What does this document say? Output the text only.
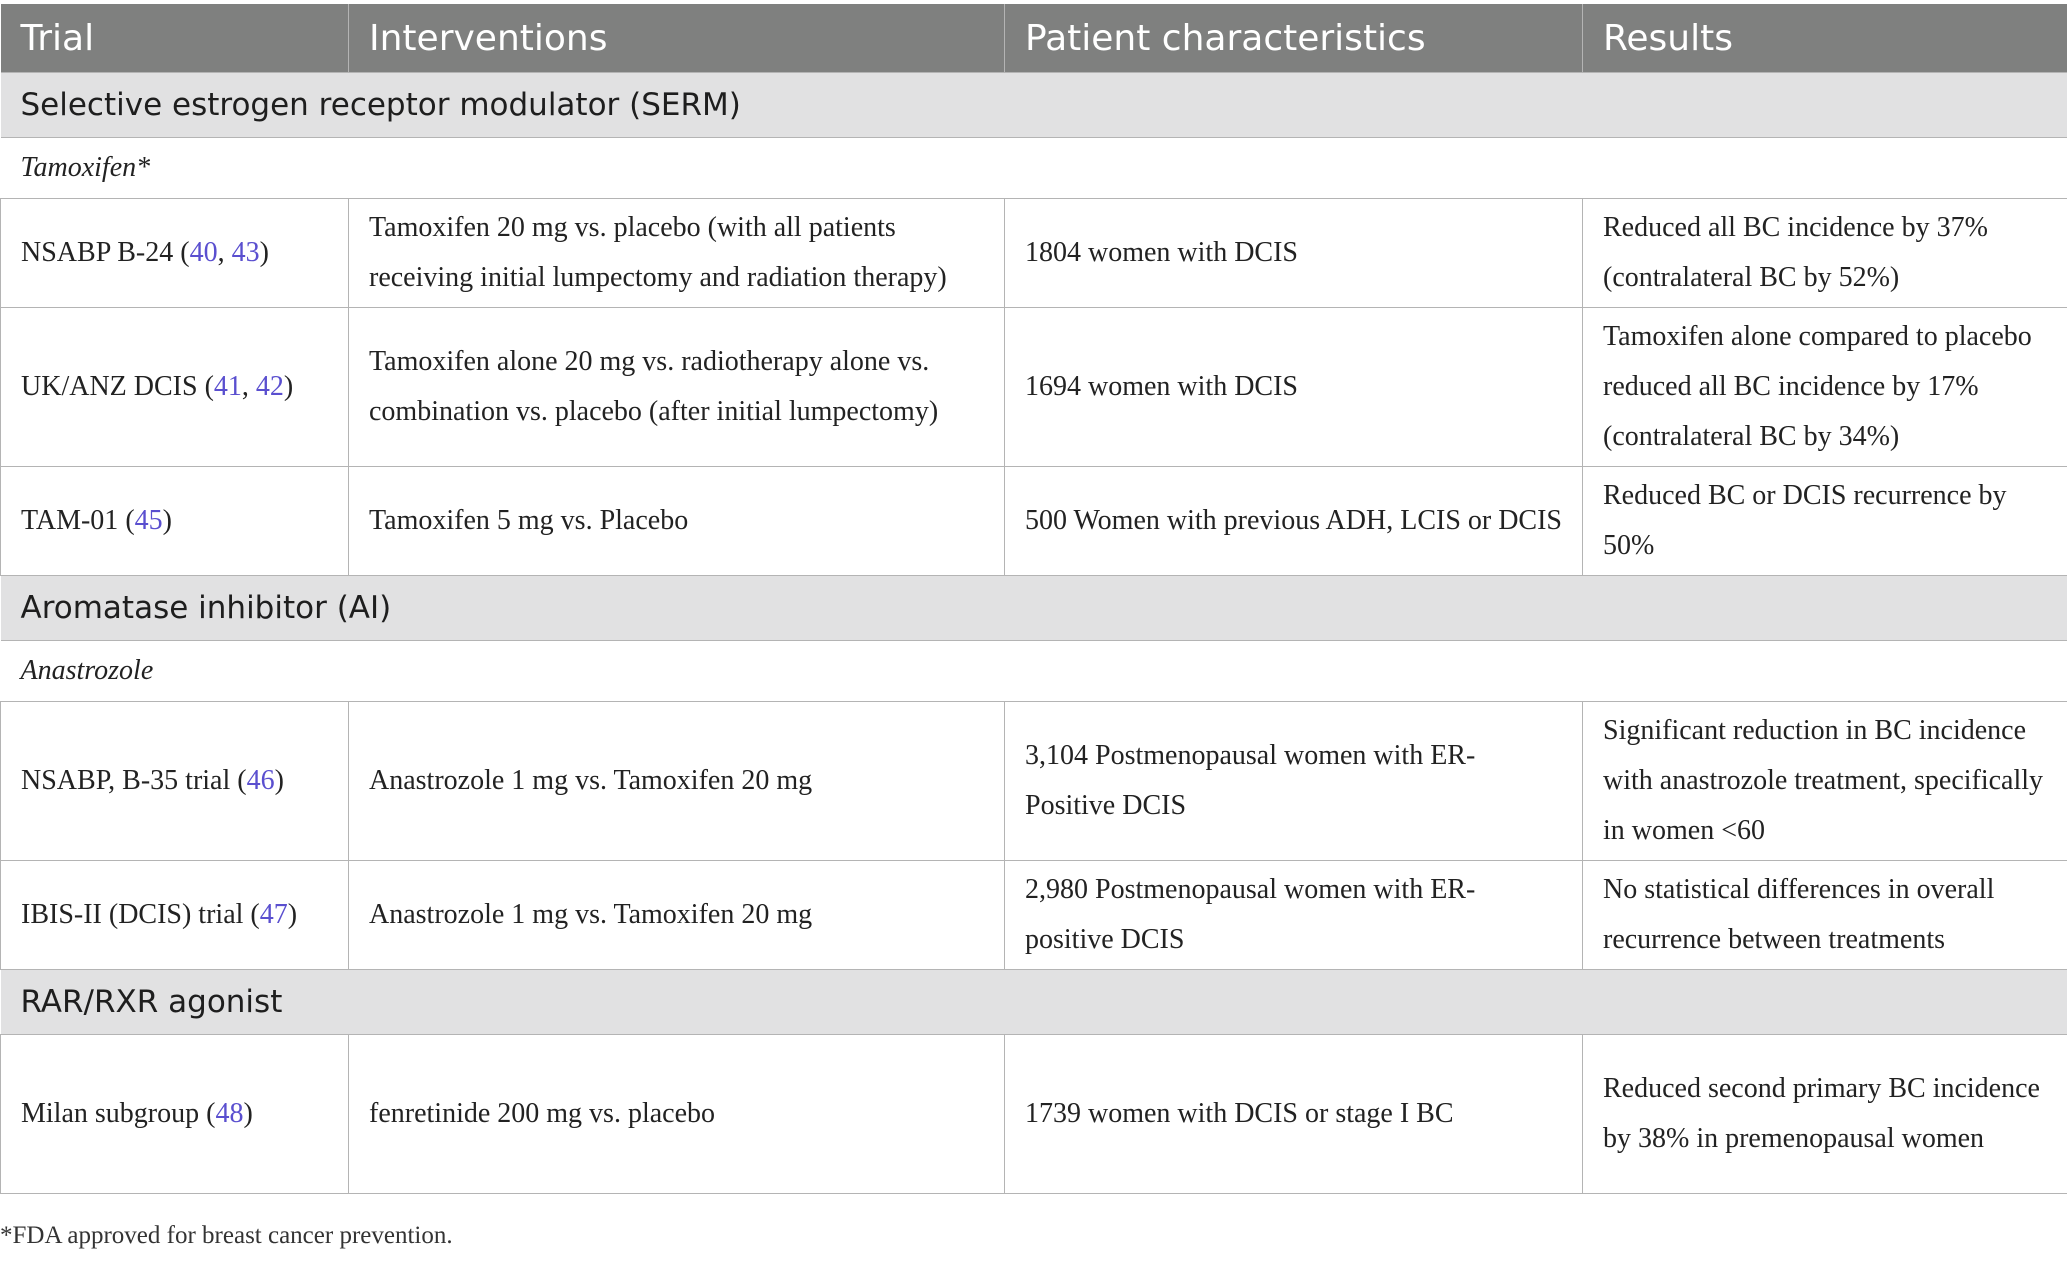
Trial	Interventions	Patient characteristics	Results
Selective estrogen receptor modulator (SERM)			
Tamoxifen*			
NSABP B-24 (40, 43)	Tamoxifen 20 mg vs. placebo (with all patients receiving initial lumpectomy and radiation therapy)	1804 women with DCIS	Reduced all BC incidence by 37% (contralateral BC by 52%)
UK/ANZ DCIS (41, 42)	Tamoxifen alone 20 mg vs. radiotherapy alone vs. combination vs. placebo (after initial lumpectomy)	1694 women with DCIS	Tamoxifen alone compared to placebo reduced all BC incidence by 17% (contralateral BC by 34%)
TAM-01 (45)	Tamoxifen 5 mg vs. Placebo	500 Women with previous ADH, LCIS or DCIS	Reduced BC or DCIS recurrence by 50%
Aromatase inhibitor (AI)			
Anastrozole			
NSABP, B-35 trial (46)	Anastrozole 1 mg vs. Tamoxifen 20 mg	3,104 Postmenopausal women with ER-Positive DCIS	Significant reduction in BC incidence with anastrozole treatment, specifically in women <60
IBIS-II (DCIS) trial (47)	Anastrozole 1 mg vs. Tamoxifen 20 mg	2,980 Postmenopausal women with ER-positive DCIS	No statistical differences in overall recurrence between treatments
RAR/RXR agonist			
Milan subgroup (48)	fenretinide 200 mg vs. placebo	1739 women with DCIS or stage I BC	Reduced second primary BC incidence by 38% in premenopausal women
*FDA approved for breast cancer prevention.
